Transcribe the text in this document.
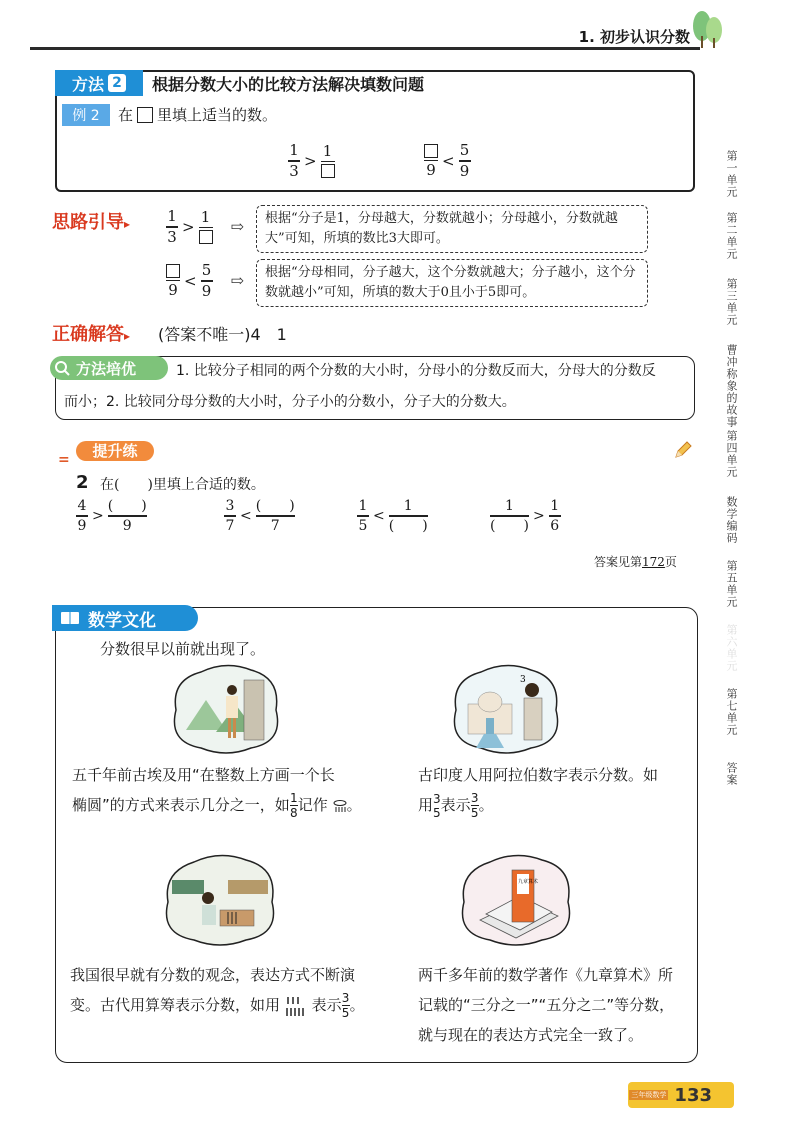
1. 初步认识分数
第一单元
第二单元
第三单元
曹冲称象的故事
第四单元
数学编码
第五单元
第六单元
第七单元
答案
方法 2 根据分数大小的比较方法解决填数问题
例 2	在 里填上适当的数。
$\frac{1}{3}$ >
1
9
< $\frac{5}{9}$
思路引导▸ $\frac{1}{3}$ >
1
⇨	根据“分子是1，分母越大，分数就越小；分母越小，分数就越大”可知，所填的数比3大即可。
9
< $\frac{5}{9}$ ⇨	根据“分母相同，分子越大，这个分数就越大；分子越小，这个分数就越小”可知，所填的数大于0且小于5即可。
正确解答▸ (答案不唯一)4　1
方法培优	1. 比较分子相同的两个分数的大小时，分母小的分数反而大，分母大的分数反
而小；2. 比较同分母分数的大小时，分子小的分数小，分子大的分数大。
=	提升练
2 在(　　)里填上合适的数。
4
9
>
(　　)
9
3
7
<
(　　)
7
1
5
<
1
(　　)
1
(　　)
>
1
6
答案见第172页
数学文化
分数很早以前就出现了。
3
九章算术
五千年前古埃及用“在整数上方画一个长
椭圆”的方式来表示几分之一，如 $\frac{1}{8}$ 记作 。
古印度人用阿拉伯数字表示分数。如
用 3
5 表示 $\frac{3}{5}$ 。
我国很早就有分数的观念，表达方式不断演
变。古代用算筹表示分数，如用 表示 $\frac{3}{5}$ 。
两千多年前的数学著作《九章算术》所
记载的“三分之一”“五分之二”等分数，
就与现在的表达方式完全一致了。
三年级数学 133
